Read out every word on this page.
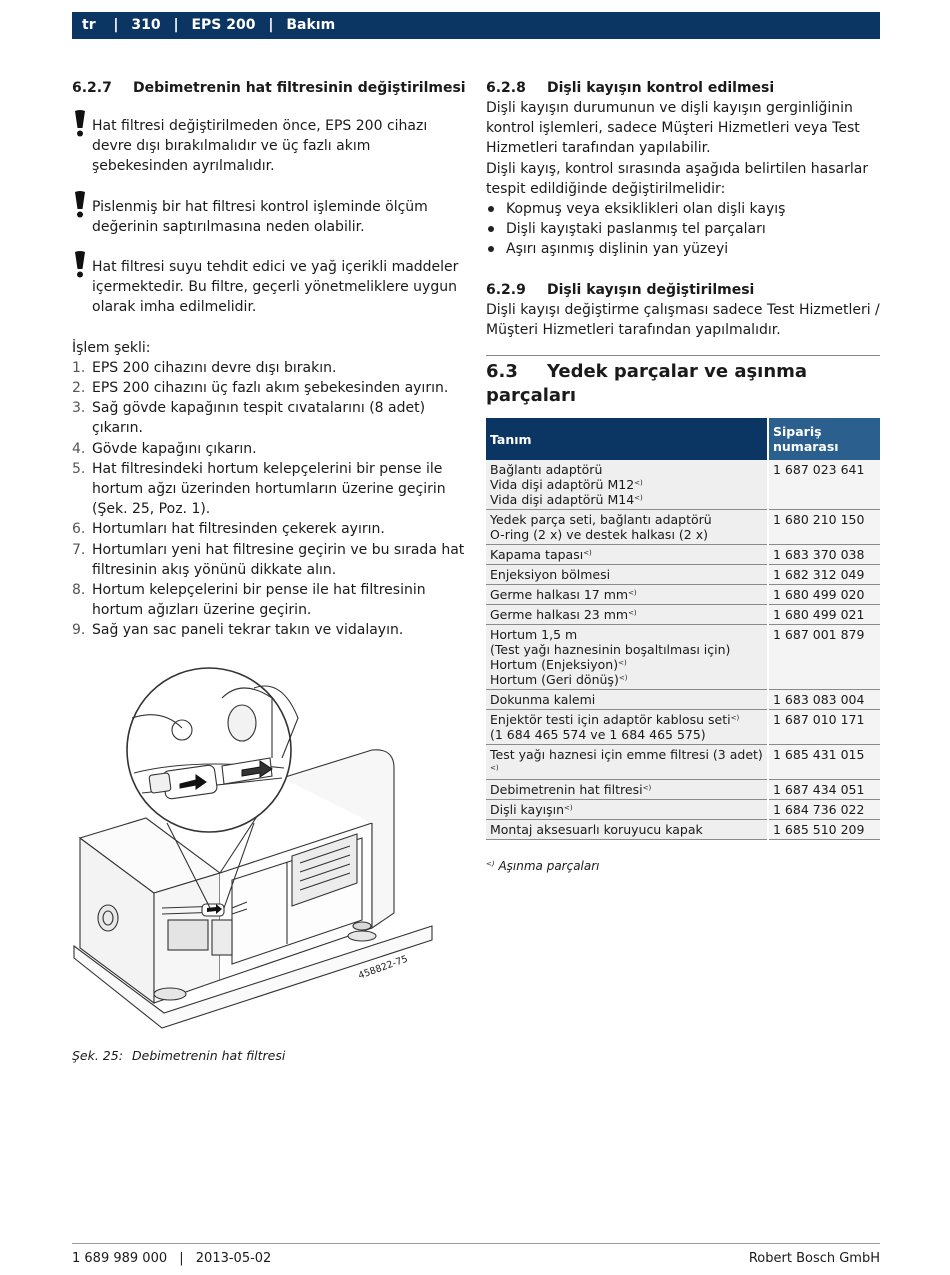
tr  | 310 | EPS 200 | Bakım
6.2.7 Debimetrenin hat filtresinin değiştirilmesi

Hat filtresi değiştirilmeden önce, EPS 200 cihazı devre dışı bırakılmalıdır ve üç fazlı akım şebekesinden ayrılmalıdır.

Pislenmiş bir hat filtresi kontrol işleminde ölçüm değerinin saptırılmasına neden olabilir.

Hat filtresi suyu tehdit edici ve yağ içerikli maddeler içermektedir. Bu filtre, geçerli yönetmeliklere uygun olarak imha edilmelidir.

İşlem şekli:

1. EPS 200 cihazını devre dışı bırakın.
2. EPS 200 cihazını üç fazlı akım şebekesinden ayırın.
3. Sağ gövde kapağının tespit cıvatalarını (8 adet) çıkarın.
4. Gövde kapağını çıkarın.
5. Hat filtresindeki hortum kelepçelerini bir pense ile hortum ağzı üzerinden hortumların üzerine geçirin (Şek. 25, Poz. 1).
6. Hortumları hat filtresinden çekerek ayırın.
7. Hortumları yeni hat filtresine geçirin ve bu sırada hat filtresinin akış yönünü dikkate alın.
8. Hortum kelepçelerini bir pense ile hat filtresinin hortum ağızları üzerine geçirin.
9. Sağ yan sac paneli tekrar takın ve vidalayın.
458822-75
Şek. 25: Debimetrenin hat filtresi
6.2.8 Dişli kayışın kontrol edilmesi

Dişli kayışın durumunun ve dişli kayışın gerginliğinin kontrol işlemleri, sadece Müşteri Hizmetleri veya Test Hizmetleri tarafından yapılabilir.

Dişli kayış, kontrol sırasında aşağıda belirtilen hasarlar tespit edildiğinde değiştirilmelidir:

Kopmuş veya eksiklikleri olan dişli kayış
Dişli kayıştaki paslanmış tel parçaları
Aşırı aşınmış dişlinin yan yüzeyi
6.2.9 Dişli kayışın değiştirilmesi

Dişli kayışı değiştirme çalışması sadece Test Hizmetleri / Müşteri Hizmetleri tarafından yapılmalıdır.

6.3 Yedek parçalar ve aşınma parçaları
Tanım	Sipariş numarası

Bağlantı adaptörü
Vida dişi adaptörü M12<)
Vida dişi adaptörü M14<)	1 687 023 641

Yedek parça seti, bağlantı adaptörü
O-ring (2 x) ve destek halkası (2 x)	1 680 210 150

Kapama tapası<)	1 683 370 038

Enjeksiyon bölmesi	1 682 312 049

Germe halkası 17 mm<)	1 680 499 020

Germe halkası 23 mm<)	1 680 499 021

Hortum 1,5 m
(Test yağı haznesinin boşaltılması için)
Hortum (Enjeksiyon)<)
Hortum (Geri dönüş)<)	1 687 001 879

Dokunma kalemi	1 683 083 004

Enjektör testi için adaptör kablosu seti<)
(1 684 465 574 ve 1 684 465 575)	1 687 010 171

Test yağı haznesi için emme filtresi (3 adet)<)	1 685 431 015

Debimetrenin hat filtresi<)	1 687 434 051

Dişli kayışın<)	1 684 736 022

Montaj aksesuarlı koruyucu kapak	1 685 510 209

<) Aşınma parçaları

1 689 989 000 | 2013-05-02	Robert Bosch GmbH
